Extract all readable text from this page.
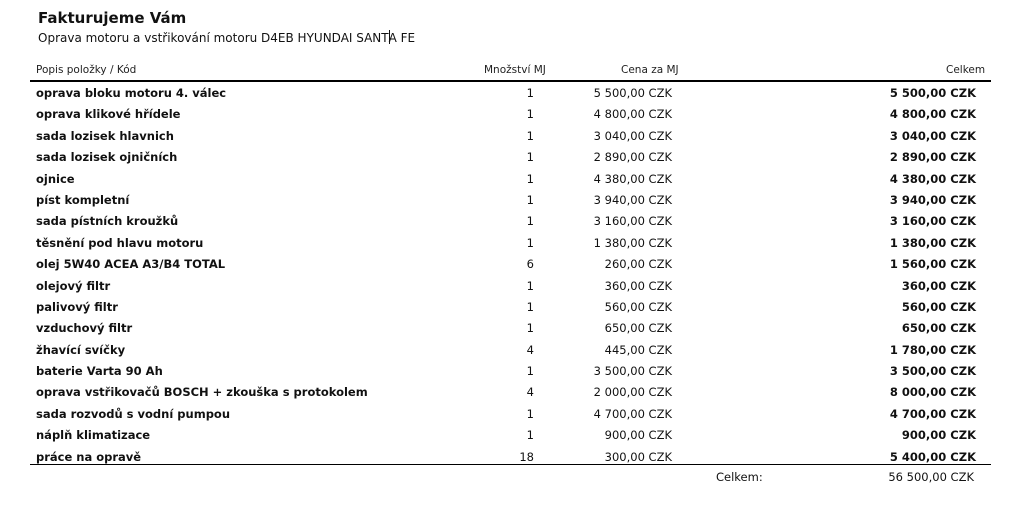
Fakturujeme Vám
Oprava motoru a vstřikování motoru D4EB HYUNDAI SANTA FE
Popis položky / Kód	Množství MJ	Cena za MJ	Celkem
oprava bloku motoru 4. válec	1	5 500,00 CZK	5 500,00 CZK
oprava klikové hřídele	1	4 800,00 CZK	4 800,00 CZK
sada lozisek hlavnich	1	3 040,00 CZK	3 040,00 CZK
sada lozisek ojničních	1	2 890,00 CZK	2 890,00 CZK
ojnice	1	4 380,00 CZK	4 380,00 CZK
píst kompletní	1	3 940,00 CZK	3 940,00 CZK
sada pístních kroužků	1	3 160,00 CZK	3 160,00 CZK
těsnění pod hlavu motoru	1	1 380,00 CZK	1 380,00 CZK
olej 5W40 ACEA A3/B4 TOTAL	6	260,00 CZK	1 560,00 CZK
olejový filtr	1	360,00 CZK	360,00 CZK
palivový filtr	1	560,00 CZK	560,00 CZK
vzduchový filtr	1	650,00 CZK	650,00 CZK
žhavící svíčky	4	445,00 CZK	1 780,00 CZK
baterie Varta 90 Ah	1	3 500,00 CZK	3 500,00 CZK
oprava vstřikovačů BOSCH + zkouška s protokolem	4	2 000,00 CZK	8 000,00 CZK
sada rozvodů s vodní pumpou	1	4 700,00 CZK	4 700,00 CZK
náplň klimatizace	1	900,00 CZK	900,00 CZK
práce na opravě	18	300,00 CZK	5 400,00 CZK
Celkem:	56 500,00 CZK
